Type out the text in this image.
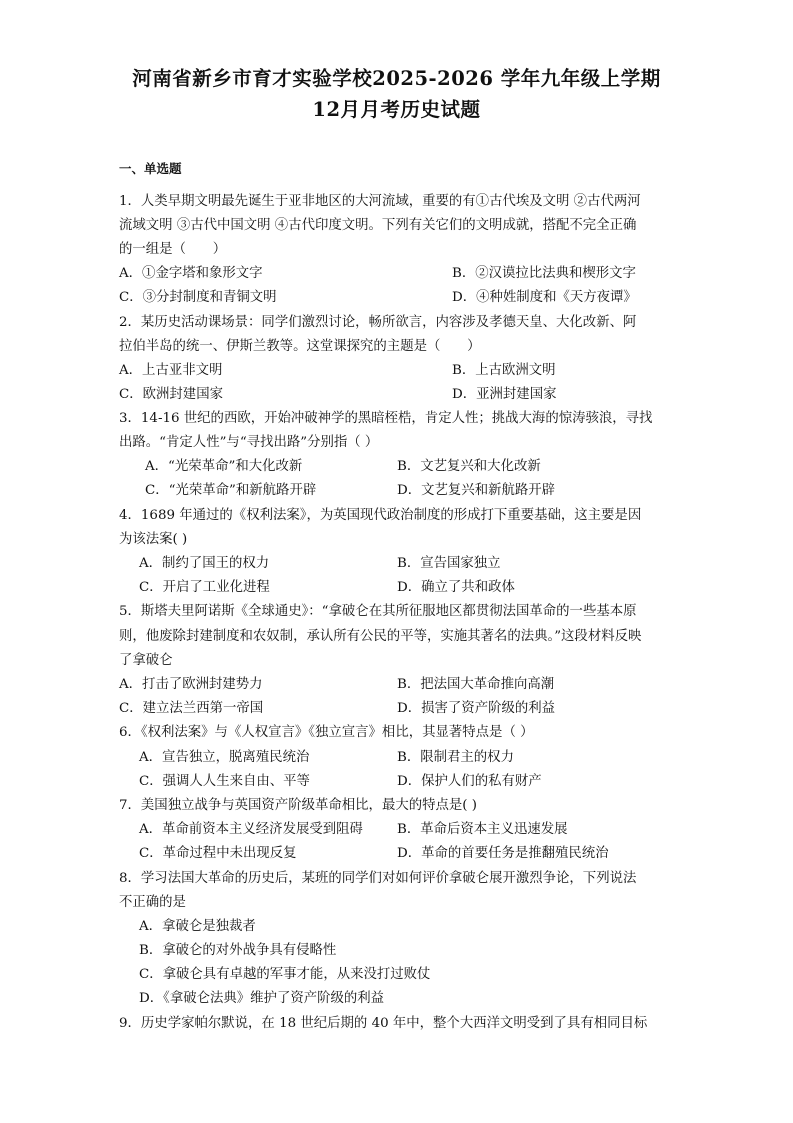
河南省新乡市育才实验学校2025-2026 学年九年级上学期
12月月考历史试题
一、单选题
1．人类早期文明最先诞生于亚非地区的大河流域，重要的有①古代埃及文明 ②古代两河
流域文明 ③古代中国文明 ④古代印度文明。下列有关它们的文明成就，搭配不完全正确
的一组是（　　）
A．①金字塔和象形文字	B．②汉谟拉比法典和楔形文字
C．③分封制度和青铜文明	D．④种姓制度和《天方夜谭》
2．某历史活动课场景：同学们激烈讨论，畅所欲言，内容涉及孝德天皇、大化改新、阿
拉伯半岛的统一、伊斯兰教等。这堂课探究的主题是（　　）
A．上古亚非文明	B．上古欧洲文明
C．欧洲封建国家	D．亚洲封建国家
3．14-16 世纪的西欧，开始冲破神学的黑暗桎梏，肯定人性；挑战大海的惊涛骇浪，寻找
出路。“肯定人性”与“寻找出路”分别指（ ）
A．“光荣革命”和大化改新	B．文艺复兴和大化改新
C．“光荣革命”和新航路开辟	D．文艺复兴和新航路开辟
4．1689 年通过的《权利法案》，为英国现代政治制度的形成打下重要基础，这主要是因
为该法案( )
A．制约了国王的权力	B．宣告国家独立
C．开启了工业化进程	D．确立了共和政体
5．斯塔夫里阿诺斯《全球通史》：“拿破仑在其所征服地区都贯彻法国革命的一些基本原
则，他废除封建制度和农奴制，承认所有公民的平等，实施其著名的法典。”这段材料反映
了拿破仑
A．打击了欧洲封建势力	B．把法国大革命推向高潮
C．建立法兰西第一帝国	D．损害了资产阶级的利益
6．《权利法案》与《人权宣言》《独立宣言》相比，其显著特点是（ ）
A．宣告独立，脱离殖民统治	B．限制君主的权力
C．强调人人生来自由、平等	D．保护人们的私有财产
7．美国独立战争与英国资产阶级革命相比，最大的特点是( )
A．革命前资本主义经济发展受到阻碍	B．革命后资本主义迅速发展
C．革命过程中未出现反复	D．革命的首要任务是推翻殖民统治
8．学习法国大革命的历史后，某班的同学们对如何评价拿破仑展开激烈争论，下列说法
不正确的是
A．拿破仑是独裁者
B．拿破仑的对外战争具有侵略性
C．拿破仑具有卓越的军事才能，从来没打过败仗
D．《拿破仑法典》维护了资产阶级的利益
9．历史学家帕尔默说，在 18 世纪后期的 40 年中，整个大西洋文明受到了具有相同目标
